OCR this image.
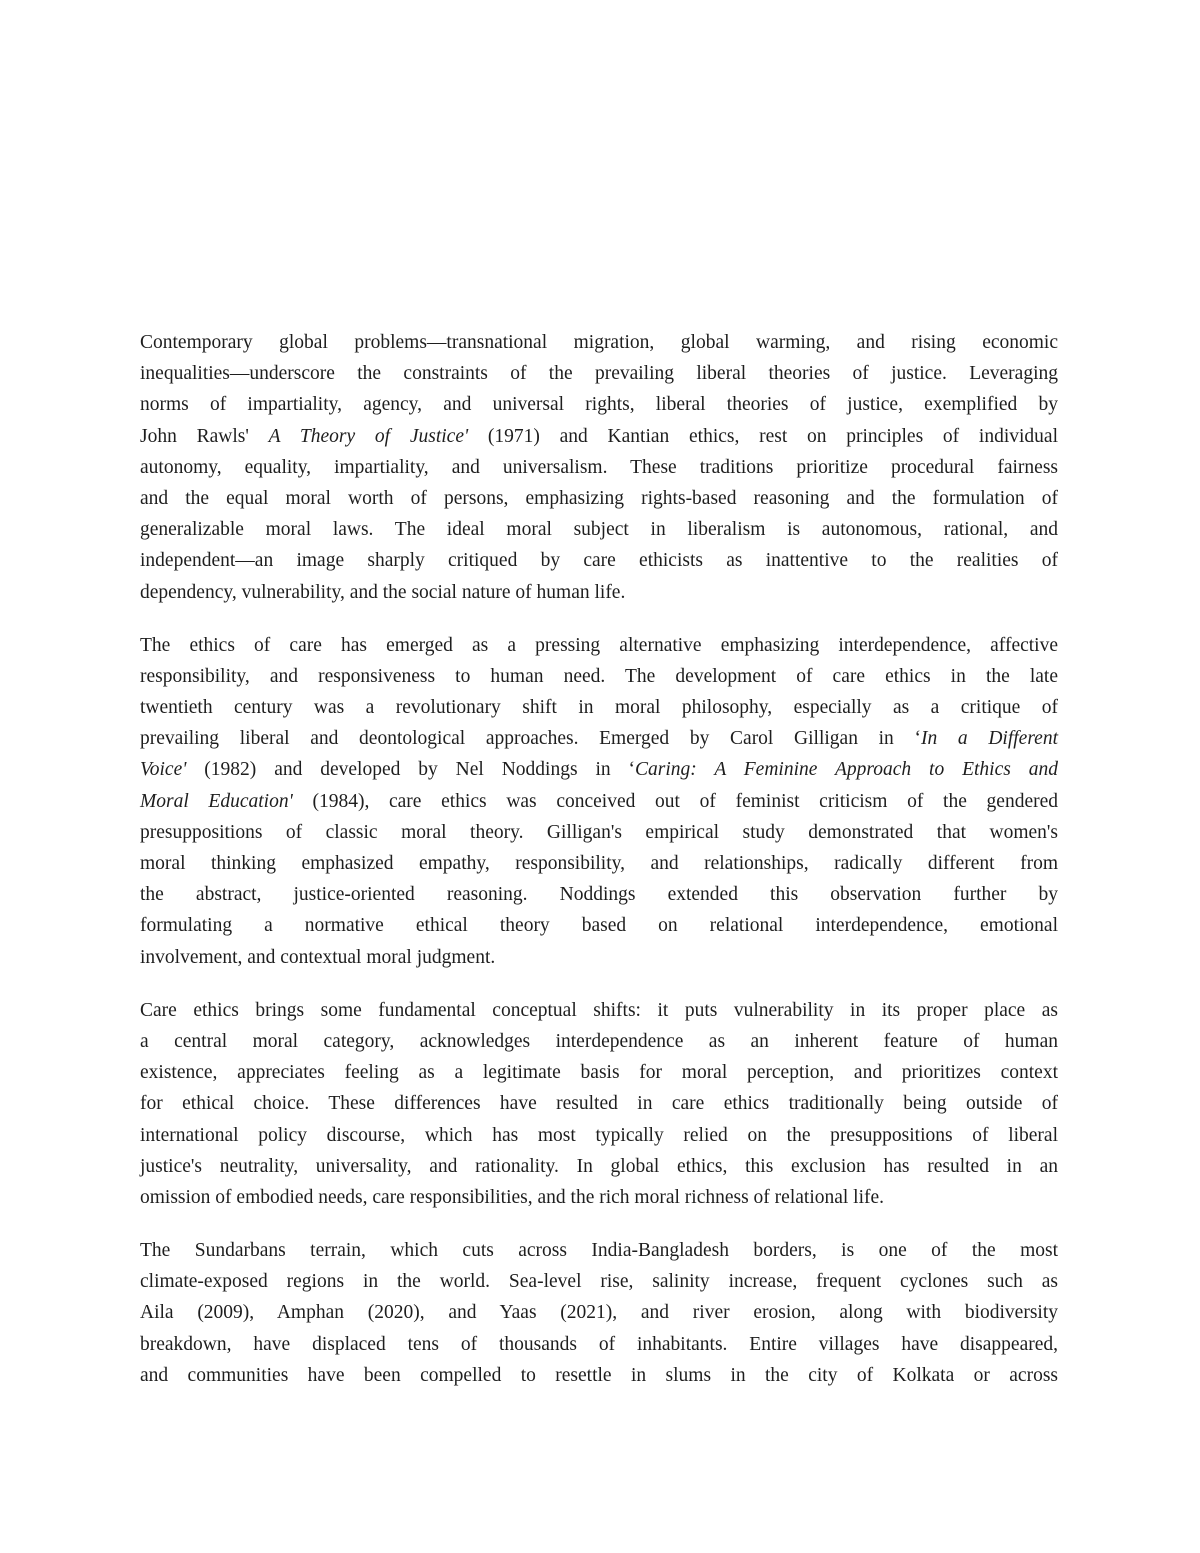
Contemporary global problems—transnational migration, global warming, and rising economic
inequalities—underscore the constraints of the prevailing liberal theories of justice. Leveraging
norms of impartiality, agency, and universal rights, liberal theories of justice, exemplified by
John Rawls' A Theory of Justice' (1971) and Kantian ethics, rest on principles of individual
autonomy, equality, impartiality, and universalism. These traditions prioritize procedural fairness
and the equal moral worth of persons, emphasizing rights-based reasoning and the formulation of
generalizable moral laws. The ideal moral subject in liberalism is autonomous, rational, and
independent—an image sharply critiqued by care ethicists as inattentive to the realities of
dependency, vulnerability, and the social nature of human life.
The ethics of care has emerged as a pressing alternative emphasizing interdependence, affective
responsibility, and responsiveness to human need. The development of care ethics in the late
twentieth century was a revolutionary shift in moral philosophy, especially as a critique of
prevailing liberal and deontological approaches. Emerged by Carol Gilligan in ‘In a Different
Voice' (1982) and developed by Nel Noddings in ‘Caring: A Feminine Approach to Ethics and
Moral Education' (1984), care ethics was conceived out of feminist criticism of the gendered
presuppositions of classic moral theory. Gilligan's empirical study demonstrated that women's
moral thinking emphasized empathy, responsibility, and relationships, radically different from
the abstract, justice-oriented reasoning. Noddings extended this observation further by
formulating a normative ethical theory based on relational interdependence, emotional
involvement, and contextual moral judgment.
Care ethics brings some fundamental conceptual shifts: it puts vulnerability in its proper place as
a central moral category, acknowledges interdependence as an inherent feature of human
existence, appreciates feeling as a legitimate basis for moral perception, and prioritizes context
for ethical choice. These differences have resulted in care ethics traditionally being outside of
international policy discourse, which has most typically relied on the presuppositions of liberal
justice's neutrality, universality, and rationality. In global ethics, this exclusion has resulted in an
omission of embodied needs, care responsibilities, and the rich moral richness of relational life.
The Sundarbans terrain, which cuts across India-Bangladesh borders, is one of the most
climate-exposed regions in the world. Sea-level rise, salinity increase, frequent cyclones such as
Aila (2009), Amphan (2020), and Yaas (2021), and river erosion, along with biodiversity
breakdown, have displaced tens of thousands of inhabitants. Entire villages have disappeared,
and communities have been compelled to resettle in slums in the city of Kolkata or across
